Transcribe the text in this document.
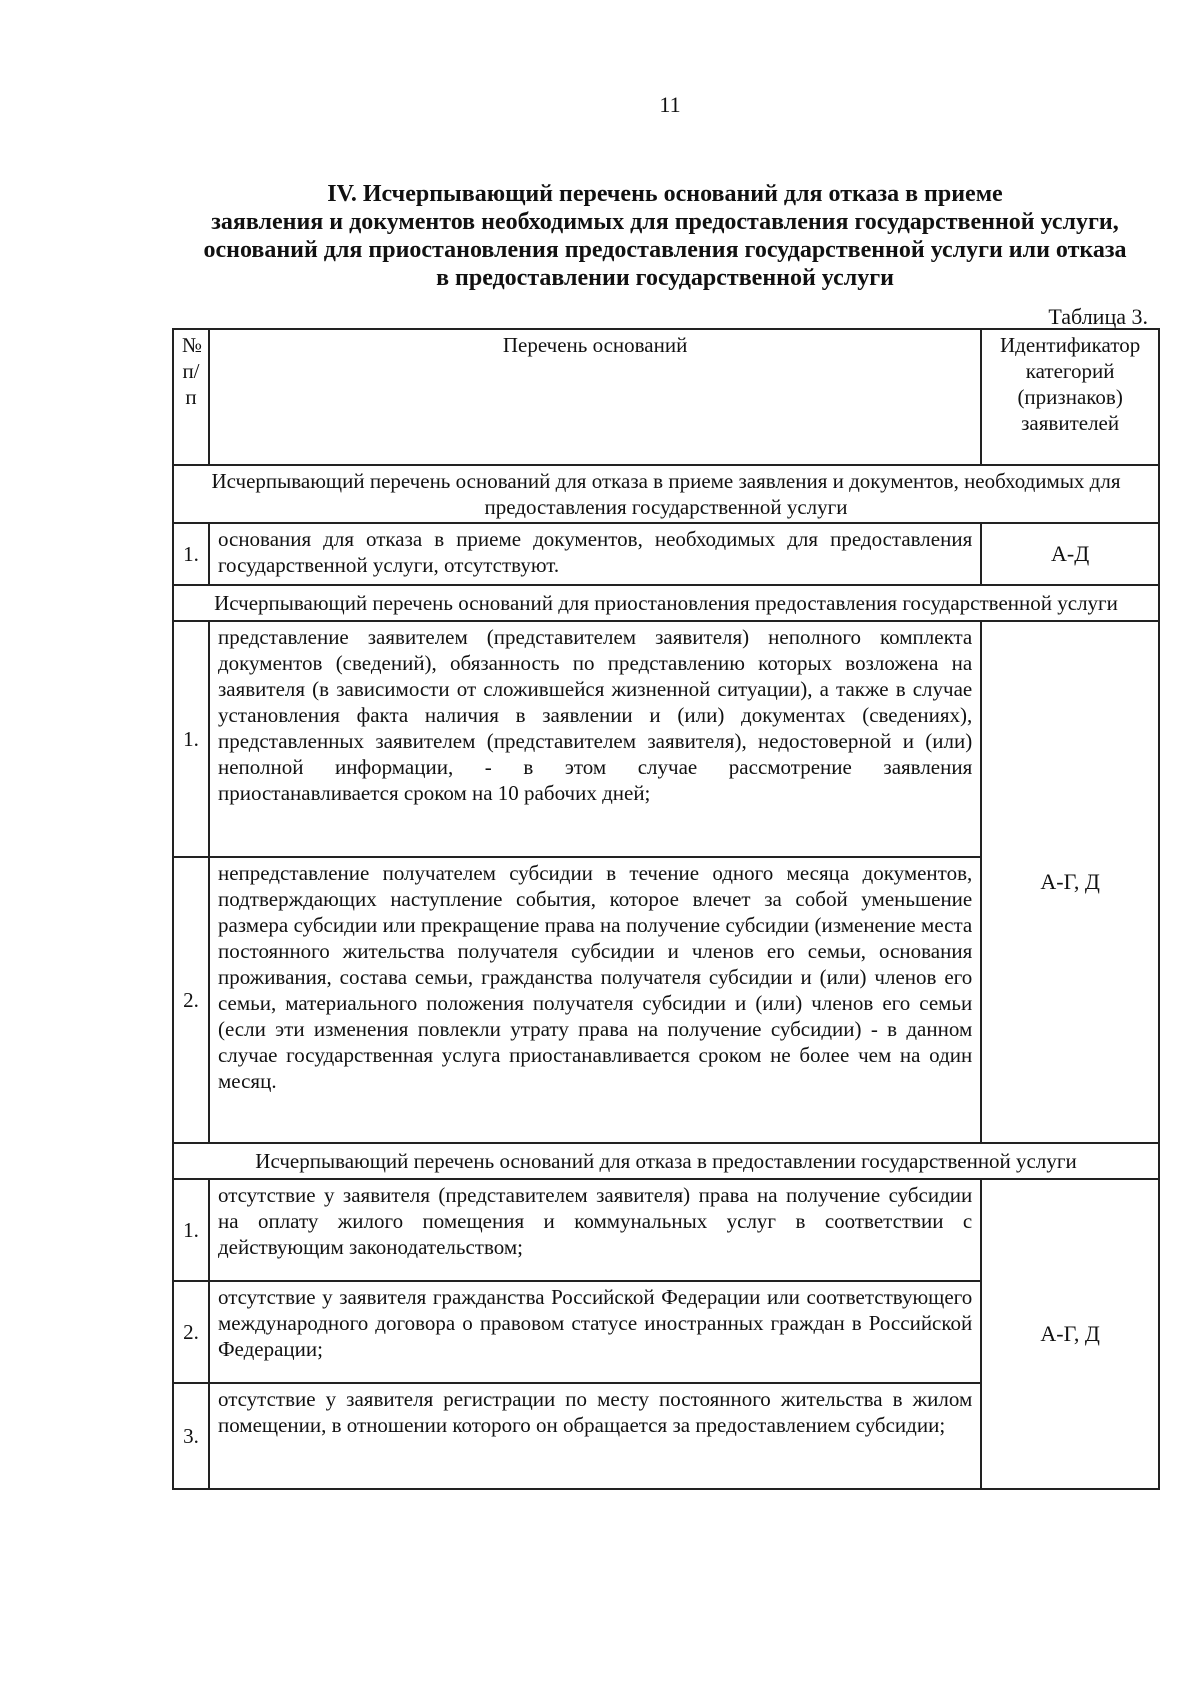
11
IV. Исчерпывающий перечень оснований для отказа в приеме
заявления и документов необходимых для предоставления государственной услуги,
оснований для приостановления предоставления государственной услуги или отказа
в предоставлении государственной услуги
Таблица 3.
№ п/п	Перечень оснований	Идентификатор категорий (признаков) заявителей
Исчерпывающий перечень оснований для отказа в приеме заявления и документов, необходимых для предоставления государственной услуги		
1.	основания для отказа в приеме документов, необходимых для предоставления государственной услуги, отсутствуют.	А-Д
Исчерпывающий перечень оснований для приостановления предоставления государственной услуги		
1.	представление заявителем (представителем заявителя) неполного комплекта документов (сведений), обязанность по представлению которых возложена на заявителя (в зависимости от сложившейся жизненной ситуации), а также в случае установления факта наличия в заявлении и (или) документах (сведениях), представленных заявителем (представителем заявителя), недостоверной и (или) неполной информации, - в этом случае рассмотрение заявления приостанавливается сроком на 10 рабочих дней;	А-Г, Д
2.	непредставление получателем субсидии в течение одного месяца документов, подтверждающих наступление события, которое влечет за собой уменьшение размера субсидии или прекращение права на получение субсидии (изменение места постоянного жительства получателя субсидии и членов его семьи, основания проживания, состава семьи, гражданства получателя субсидии и (или) членов его семьи, материального положения получателя субсидии и (или) членов его семьи (если эти изменения повлекли утрату права на получение субсидии) - в данном случае государственная услуга приостанавливается сроком не более чем на один месяц.	
Исчерпывающий перечень оснований для отказа в предоставлении государственной услуги		
1.	отсутствие у заявителя (представителем заявителя) права на получение субсидии на оплату жилого помещения и коммунальных услуг в соответствии с действующим законодательством;	А-Г, Д
2.	отсутствие у заявителя гражданства Российской Федерации или соответствующего международного договора о правовом статусе иностранных граждан в Российской Федерации;	
3.	отсутствие у заявителя регистрации по месту постоянного жительства в жилом помещении, в отношении которого он обращается за предоставлением субсидии;	
